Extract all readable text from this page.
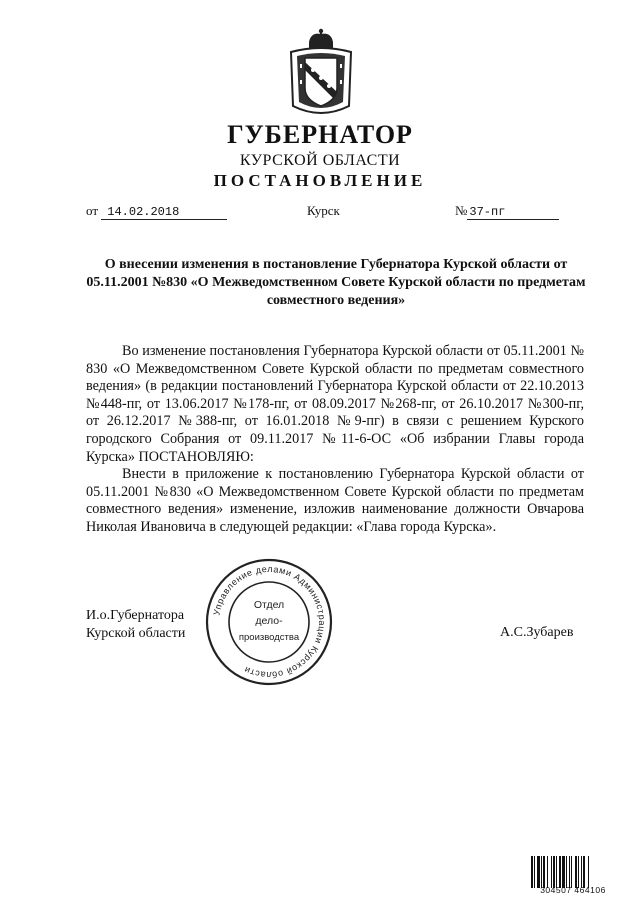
ГУБЕРНАТОР
КУРСКОЙ ОБЛАСТИ
ПОСТАНОВЛЕНИЕ
от 14.02.2018	Курск	№ 37-пг
О внесении изменения в постановление Губернатора Курской области от 05.11.2001 №830 «О Межведомственном Совете Курской области по предметам совместного ведения»

Во изменение постановления Губернатора Курской области от 05.11.2001 № 830 «О Межведомственном Совете Курской области по предметам совместного ведения» (в редакции постановлений Губернатора Курской области от 22.10.2013 №448-пг, от 13.06.2017 №178-пг, от 08.09.2017 №268-пг, от 26.10.2017 №300-пг, от 26.12.2017 №388-пг, от 16.01.2018 №9-пг) в связи с решением Курского городского Собрания от 09.11.2017 №11-6-ОС «Об избрании Главы города Курска» ПОСТАНОВЛЯЮ:

Внести в приложение к постановлению Губернатора Курской области от 05.11.2001 №830 «О Межведомственном Совете Курской области по предметам совместного ведения» изменение, изложив наименование должности Овчарова Николая Ивановича в следующей редакции: «Глава города Курска».

И.о.Губернатора
Курской области	А.С.Зубарев
Управление делами Администрации Курской области
Отдел
дело-
производства
304507 464106
